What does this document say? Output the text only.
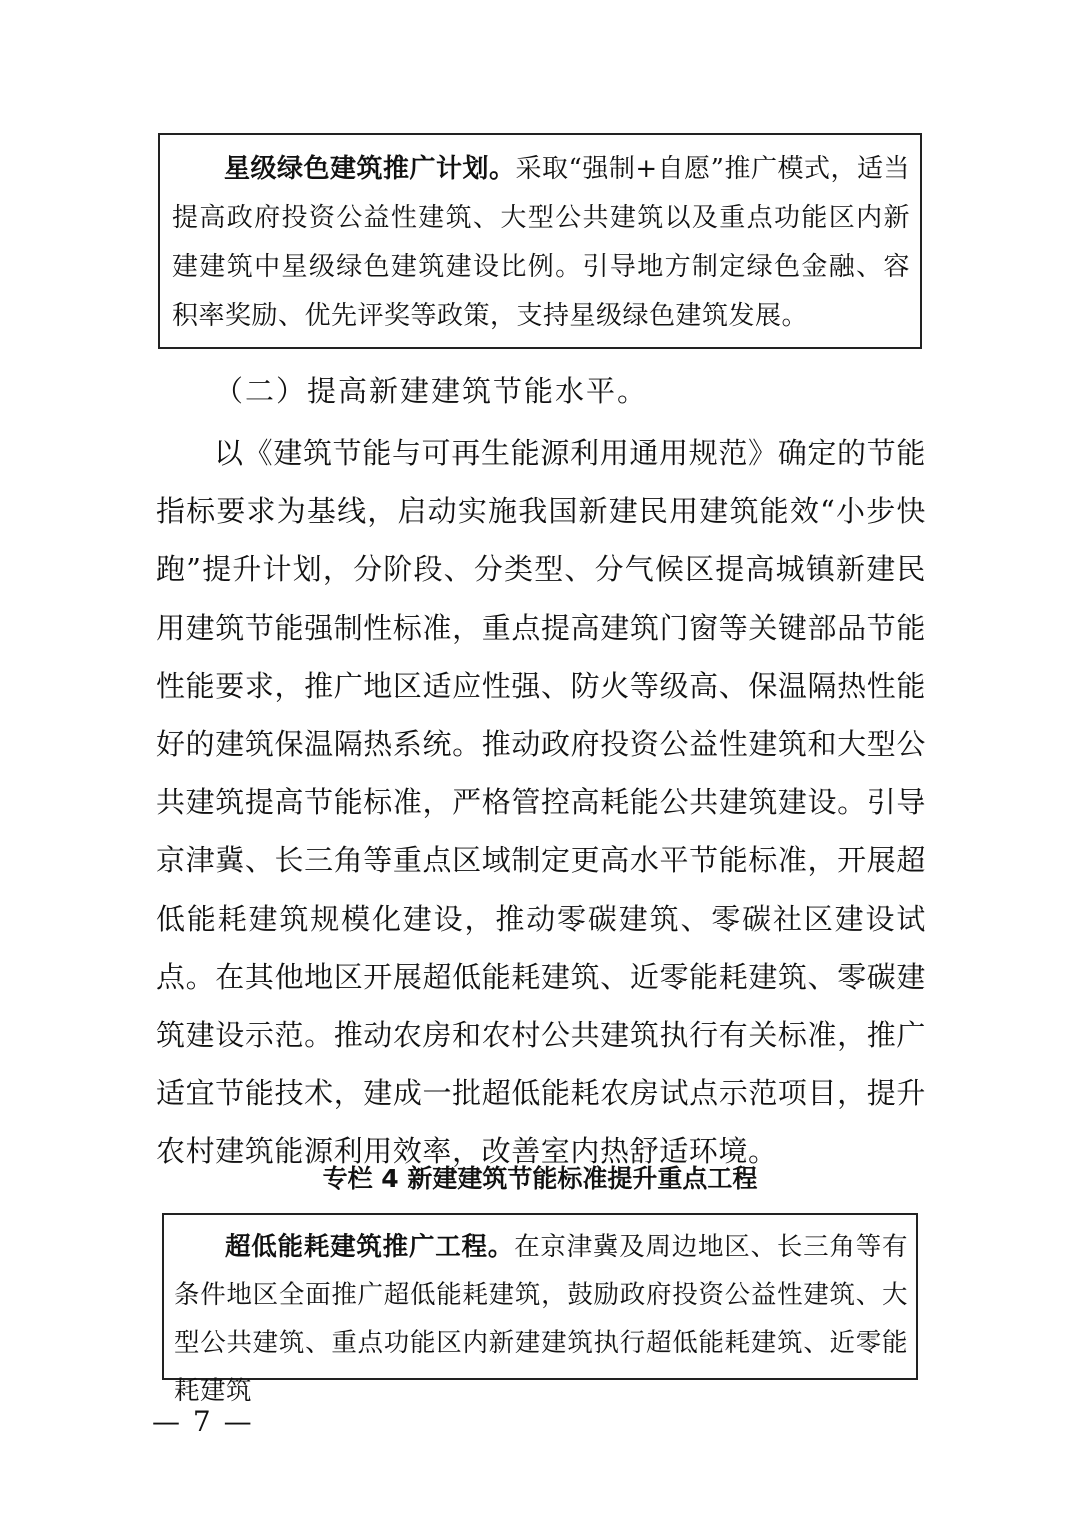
星级绿色建筑推广计划。采取“强制+自愿”推广模式，适当提高政府投资公益性建筑、大型公共建筑以及重点功能区内新建建筑中星级绿色建筑建设比例。引导地方制定绿色金融、容积率奖励、优先评奖等政策，支持星级绿色建筑发展。

（二）提高新建建筑节能水平。

以《建筑节能与可再生能源利用通用规范》确定的节能指标要求为基线，启动实施我国新建民用建筑能效“小步快跑”提升计划，分阶段、分类型、分气候区提高城镇新建民用建筑节能强制性标准，重点提高建筑门窗等关键部品节能性能要求，推广地区适应性强、防火等级高、保温隔热性能好的建筑保温隔热系统。推动政府投资公益性建筑和大型公共建筑提高节能标准，严格管控高耗能公共建筑建设。引导京津冀、长三角等重点区域制定更高水平节能标准，开展超低能耗建筑规模化建设，推动零碳建筑、零碳社区建设试点。在其他地区开展超低能耗建筑、近零能耗建筑、零碳建筑建设示范。推动农房和农村公共建筑执行有关标准，推广适宜节能技术，建成一批超低能耗农房试点示范项目，提升农村建筑能源利用效率，改善室内热舒适环境。

专栏 4 新建建筑节能标准提升重点工程

超低能耗建筑推广工程。在京津冀及周边地区、长三角等有条件地区全面推广超低能耗建筑，鼓励政府投资公益性建筑、大型公共建筑、重点功能区内新建建筑执行超低能耗建筑、近零能耗建筑

— 7 —
